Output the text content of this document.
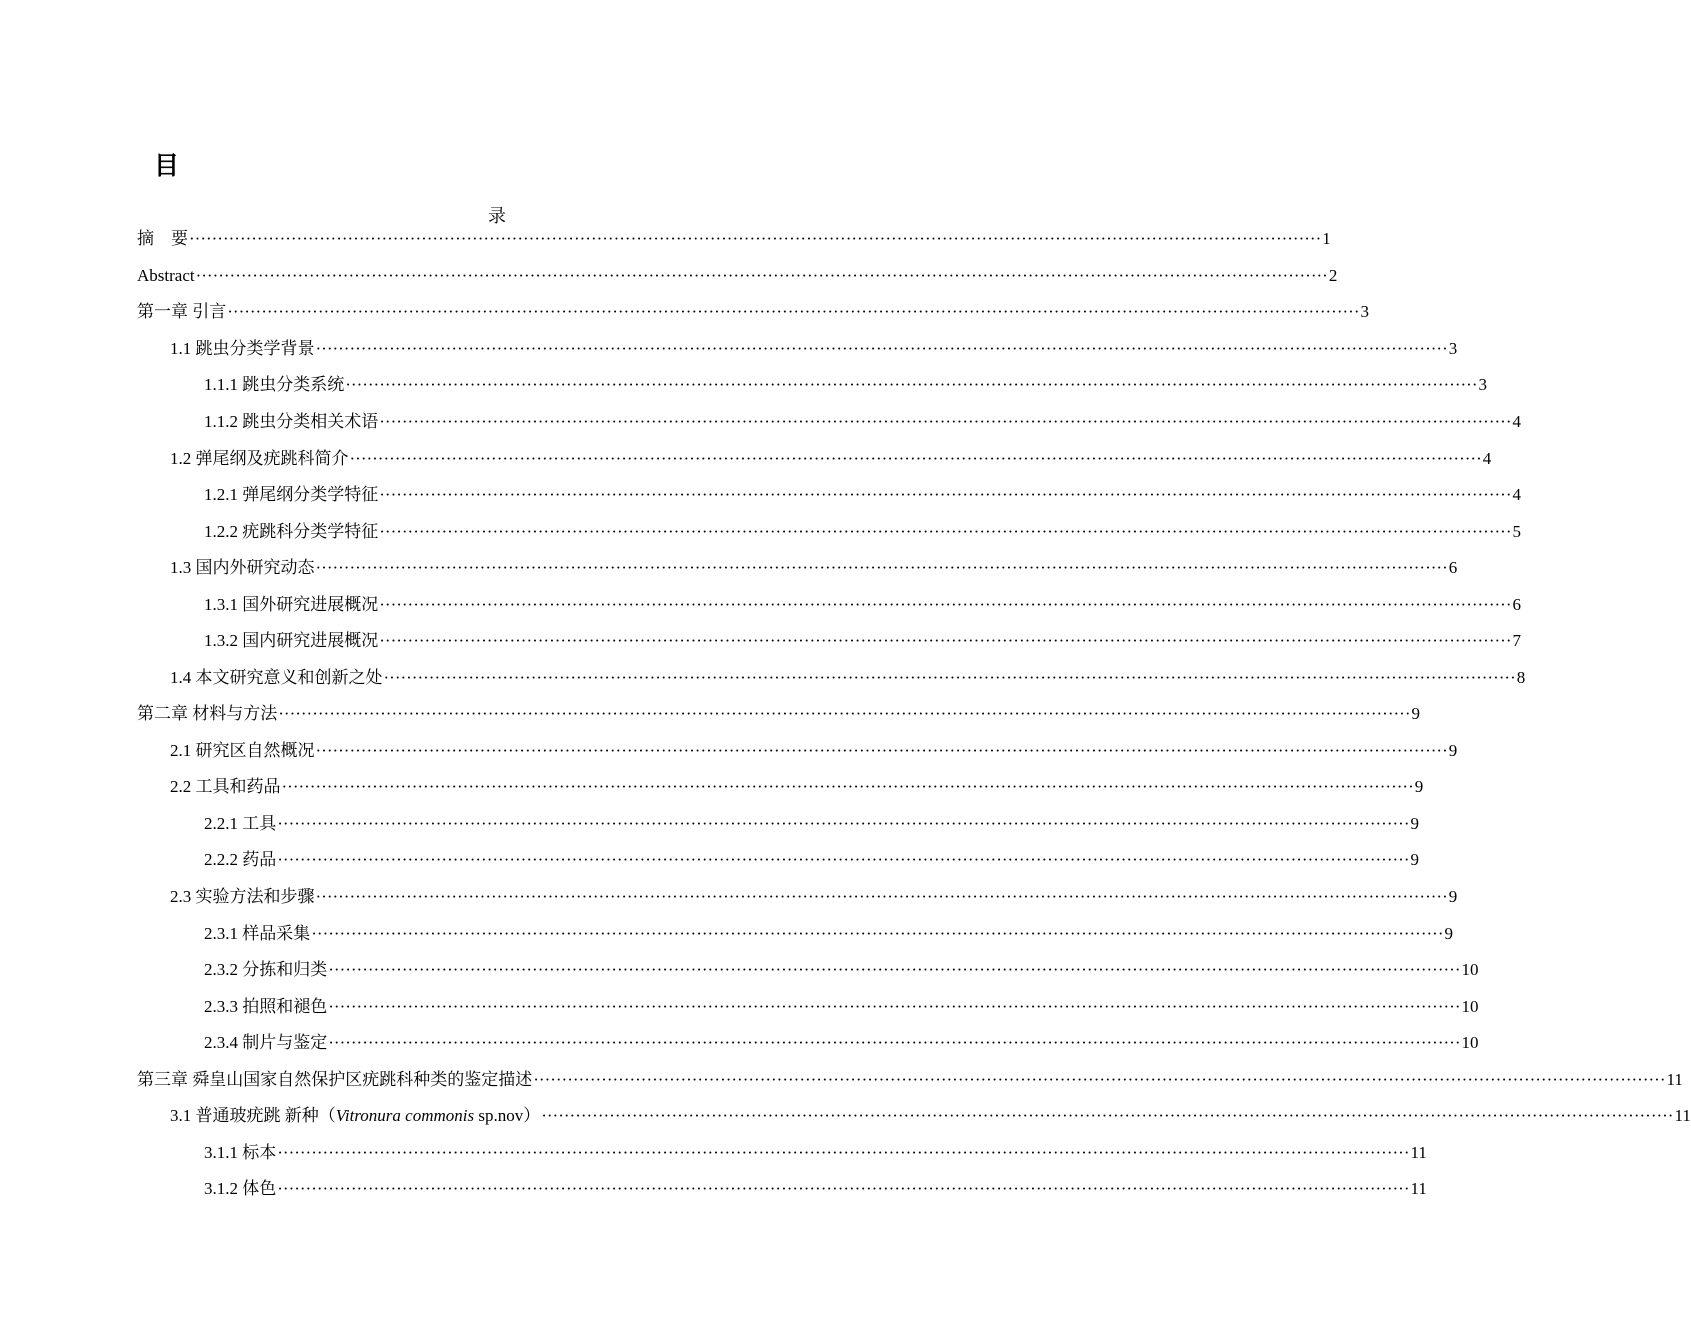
目
录
摘　要 ········································································································································································································ 1
Abstract ········································································································································································································ 2
第一章 引言 ········································································································································································································ 3
1.1 跳虫分类学背景 ········································································································································································································ 3
1.1.1 跳虫分类系统 ········································································································································································································ 3
1.1.2 跳虫分类相关术语 ········································································································································································································ 4
1.2 弹尾纲及疣跳科简介 ········································································································································································································ 4
1.2.1 弹尾纲分类学特征 ········································································································································································································ 4
1.2.2 疣跳科分类学特征 ········································································································································································································ 5
1.3 国内外研究动态 ········································································································································································································ 6
1.3.1 国外研究进展概况 ········································································································································································································ 6
1.3.2 国内研究进展概况 ········································································································································································································ 7
1.4 本文研究意义和创新之处 ········································································································································································································ 8
第二章 材料与方法 ········································································································································································································ 9
2.1 研究区自然概况 ········································································································································································································ 9
2.2 工具和药品 ········································································································································································································ 9
2.2.1 工具 ········································································································································································································ 9
2.2.2 药品 ········································································································································································································ 9
2.3 实验方法和步骤 ········································································································································································································ 9
2.3.1 样品采集 ········································································································································································································ 9
2.3.2 分拣和归类 ········································································································································································································ 10
2.3.3 拍照和褪色 ········································································································································································································ 10
2.3.4 制片与鉴定 ········································································································································································································ 10
第三章 舜皇山国家自然保护区疣跳科种类的鉴定描述 ········································································································································································································ 11
3.1 普通玻疣跳 新种（Vitronura commonis sp.nov） ········································································································································································································ 11
3.1.1 标本 ········································································································································································································ 11
3.1.2 体色 ········································································································································································································ 11
